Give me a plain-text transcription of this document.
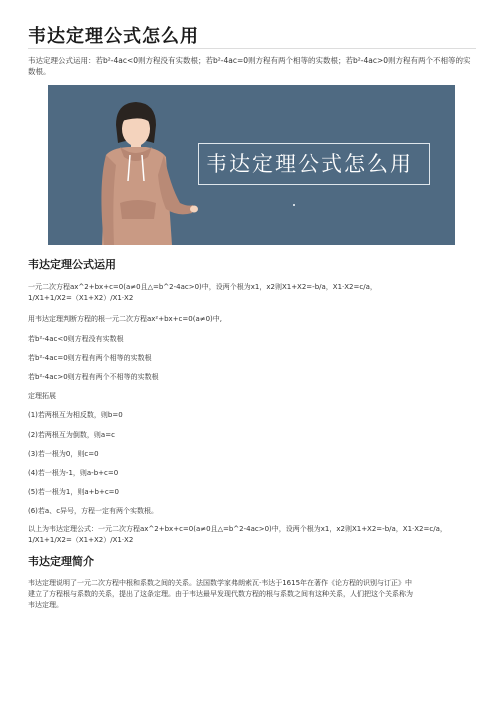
韦达定理公式怎么用
韦达定理公式运用：若b²-4ac<0则方程没有实数根；若b²-4ac=0则方程有两个相等的实数根；若b²-4ac>0则方程有两个不相等的实数根。
韦达定理公式怎么用
韦达定理公式运用
一元二次方程ax^2+bx+c=0(a≠0且△=b^2-4ac>0)中，设两个根为x1，x2则X1+X2=-b/a，X1·X2=c/a，
1/X1+1/X2=（X1+X2）/X1·X2
用韦达定理判断方程的根一元二次方程ax²+bx+c=0(a≠0)中,
若b²-4ac<0则方程没有实数根
若b²-4ac=0则方程有两个相等的实数根
若b²-4ac>0则方程有两个不相等的实数根
定理拓展
(1)若两根互为相反数，则b=0
(2)若两根互为倒数，则a=c
(3)若一根为0，则c=0
(4)若一根为-1，则a-b+c=0
(5)若一根为1，则a+b+c=0
(6)若a、c异号，方程一定有两个实数根。
以上为韦达定理公式：一元二次方程ax^2+bx+c=0(a≠0且△=b^2-4ac>0)中，设两个根为x1，x2则X1+X2=-b/a，X1·X2=c/a，
1/X1+1/X2=（X1+X2）/X1·X2
韦达定理简介
韦达定理说明了一元二次方程中根和系数之间的关系。法国数学家弗朗索瓦·韦达于1615年在著作《论方程的识别与订正》中
建立了方程根与系数的关系，提出了这条定理。由于韦达最早发现代数方程的根与系数之间有这种关系，人们把这个关系称为
韦达定理。
